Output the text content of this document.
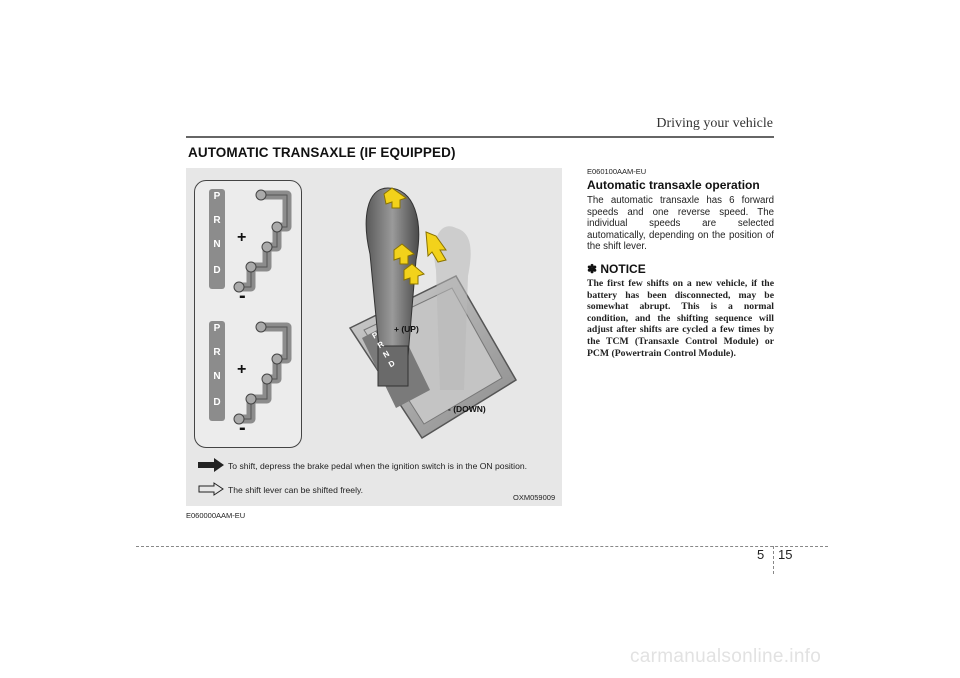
Driving your vehicle
AUTOMATIC TRANSAXLE (IF EQUIPPED)
P
R
N
D
+
-
P
R
N
D
+
-
+ (UP)
- (DOWN)
P
R
N
D
To shift, depress the brake pedal when the ignition switch is in the ON position.
The shift lever can be shifted freely.
OXM059009
E060000AAM-EU
E060100AAM-EU
Automatic transaxle operation
The automatic transaxle has 6 forward speeds and one reverse speed. The individual speeds are selected automatically, depending on the position of the shift lever.
✽ NOTICE
The first few shifts on a new vehicle, if the battery has been disconnected, may be somewhat abrupt. This is a normal condition, and the shifting sequence will adjust after shifts are cycled a few times by the TCM (Transaxle Control Module) or PCM (Powertrain Control Module).
5 15
carmanualsonline.info
